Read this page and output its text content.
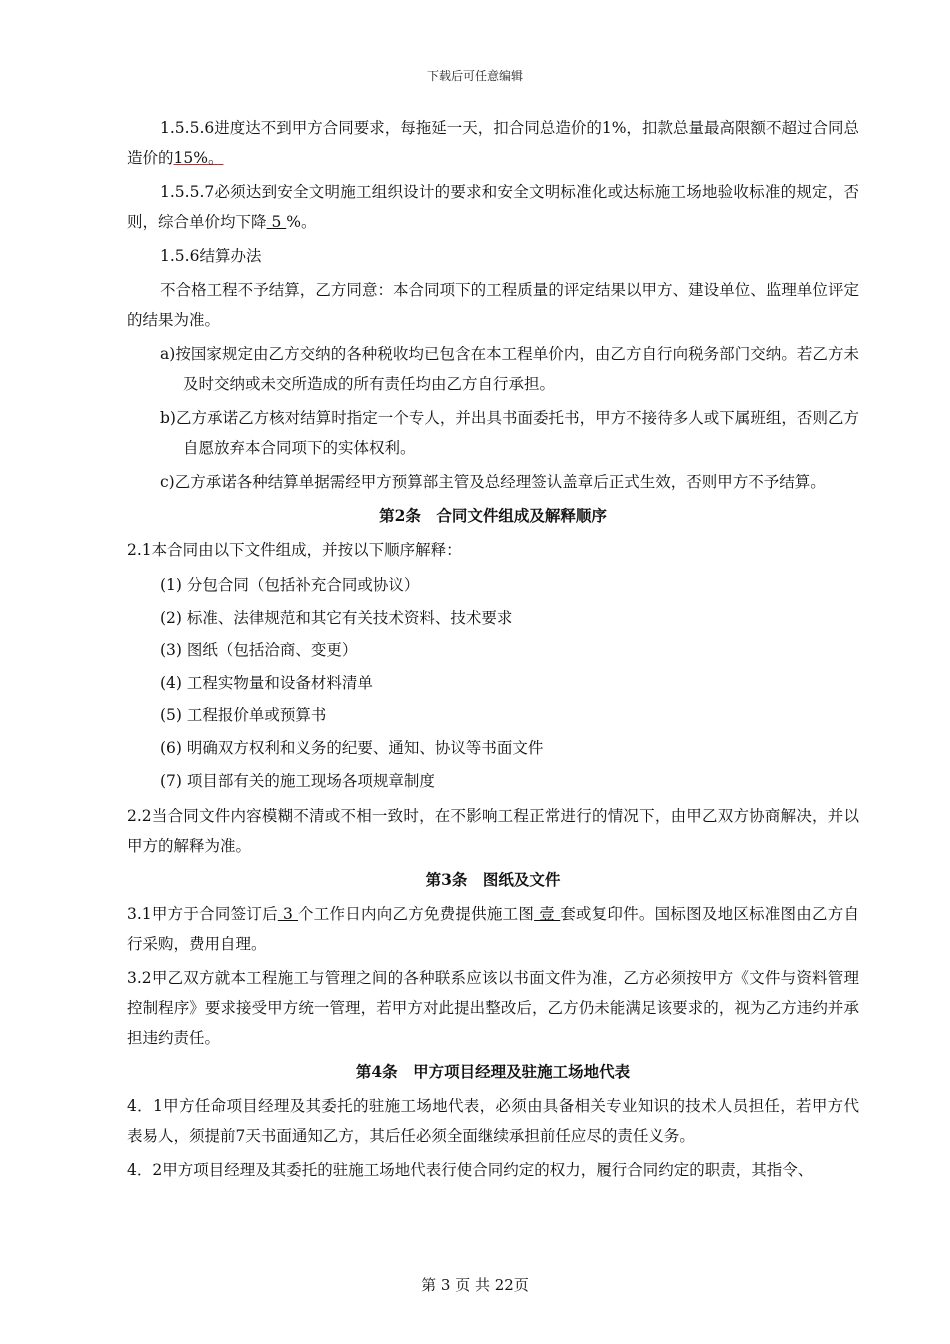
下载后可任意编辑

1.5.5.6进度达不到甲方合同要求，每拖延一天，扣合同总造价的1%，扣款总量最高限额不超过合同总造价的15%。

1.5.5.7必须达到安全文明施工组织设计的要求和安全文明标准化或达标施工场地验收标准的规定，否则，综合单价均下降 5 %。

1.5.6结算办法

不合格工程不予结算，乙方同意：本合同项下的工程质量的评定结果以甲方、建设单位、监理单位评定的结果为准。

a)按国家规定由乙方交纳的各种税收均已包含在本工程单价内，由乙方自行向税务部门交纳。若乙方未及时交纳或未交所造成的所有责任均由乙方自行承担。

b)乙方承诺乙方核对结算时指定一个专人，并出具书面委托书，甲方不接待多人或下属班组，否则乙方自愿放弃本合同项下的实体权利。

c)乙方承诺各种结算单据需经甲方预算部主管及总经理签认盖章后正式生效，否则甲方不予结算。

第2条　合同文件组成及解释顺序

2.1本合同由以下文件组成，并按以下顺序解释：

(1) 分包合同（包括补充合同或协议）
(2) 标准、法律规范和其它有关技术资料、技术要求
(3) 图纸（包括洽商、变更）
(4) 工程实物量和设备材料清单
(5) 工程报价单或预算书
(6) 明确双方权利和义务的纪要、通知、协议等书面文件
(7) 项目部有关的施工现场各项规章制度

2.2当合同文件内容模糊不清或不相一致时，在不影响工程正常进行的情况下，由甲乙双方协商解决，并以甲方的解释为准。

第3条　图纸及文件

3.1甲方于合同签订后 3 个工作日内向乙方免费提供施工图 壹 套或复印件。国标图及地区标准图由乙方自行采购，费用自理。

3.2甲乙双方就本工程施工与管理之间的各种联系应该以书面文件为准，乙方必须按甲方《文件与资料管理控制程序》要求接受甲方统一管理，若甲方对此提出整改后，乙方仍未能满足该要求的，视为乙方违约并承担违约责任。

第4条　甲方项目经理及驻施工场地代表

4．1甲方任命项目经理及其委托的驻施工场地代表，必须由具备相关专业知识的技术人员担任，若甲方代表易人，须提前7天书面通知乙方，其后任必须全面继续承担前任应尽的责任义务。

4．2甲方项目经理及其委托的驻施工场地代表行使合同约定的权力，履行合同约定的职责，其指令、

第 3 页 共 22页
